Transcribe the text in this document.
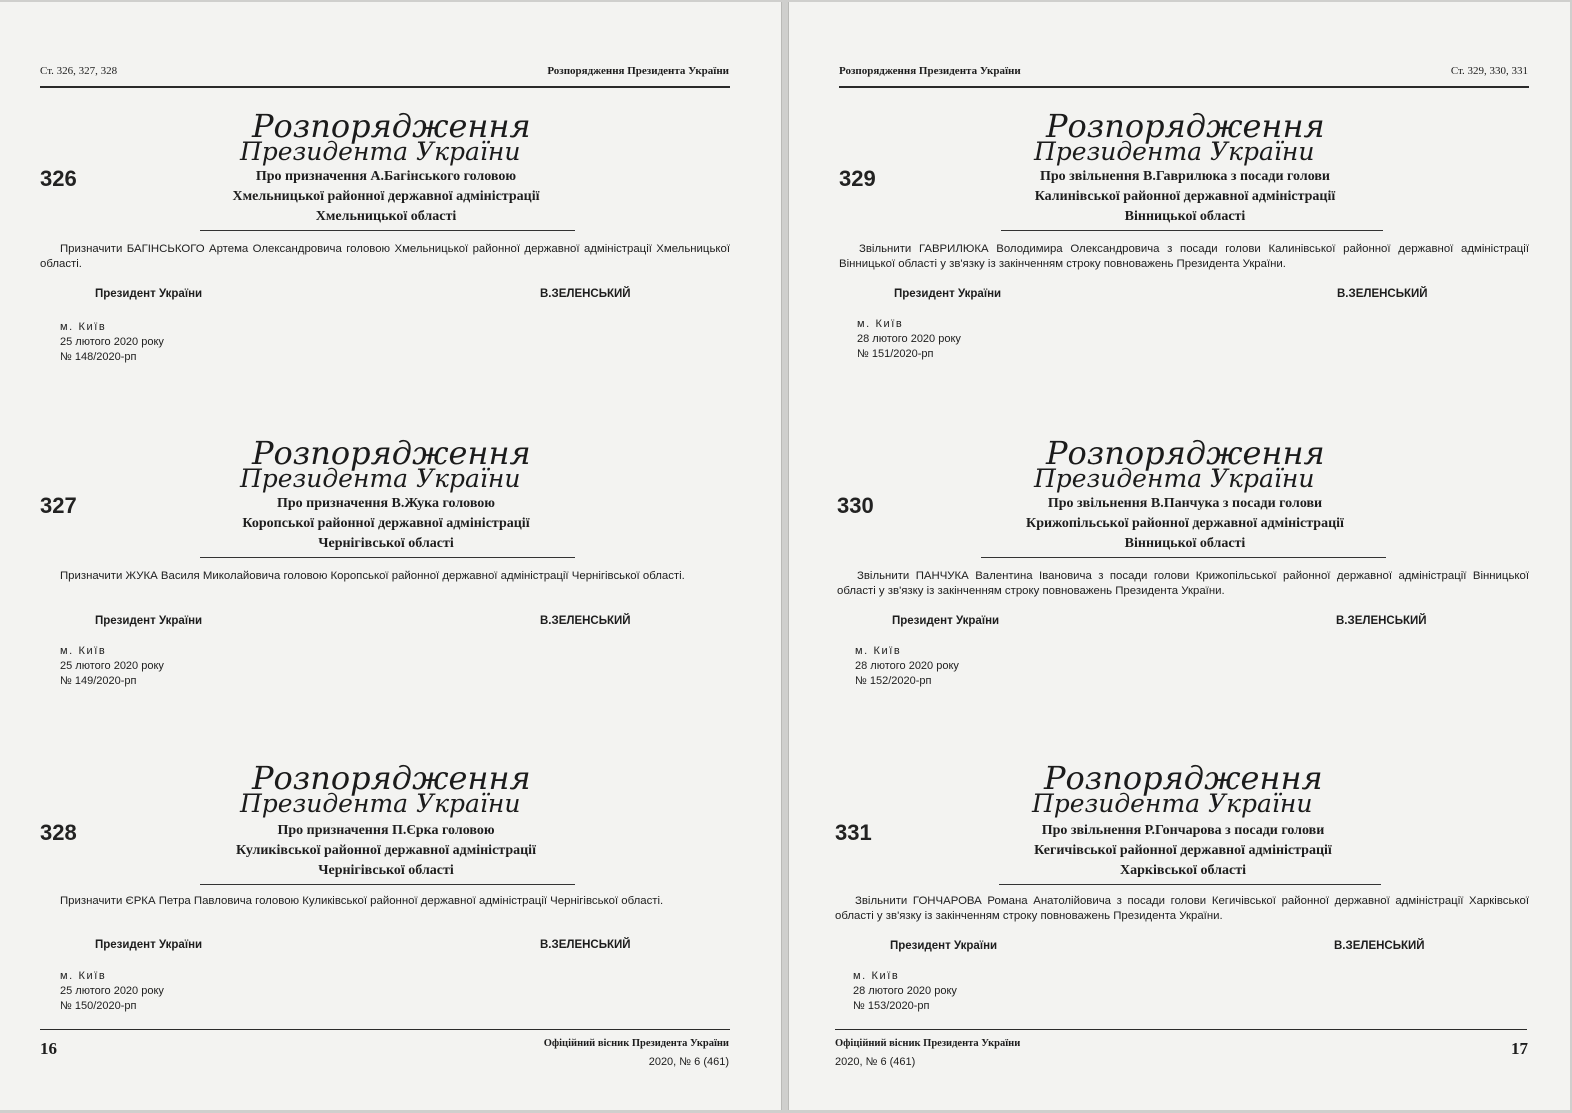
Ст. 326, 327, 328	Розпорядження Президента України
Розпорядження
Президента України
326	Про призначення А.Багінського головою
Хмельницької районної державної адміністрації
Хмельницької області
Призначити БАГІНСЬКОГО Артема Олександровича головою Хмельницької районної державної адміністрації Хмельницької області.
Президент України	В.ЗЕЛЕНСЬКИЙ
м. Київ
25 лютого 2020 року
№ 148/2020-рп
Розпорядження
Президента України
327	Про призначення В.Жука головою
Коропської районної державної адміністрації
Чернігівської області
Призначити ЖУКА Василя Миколайовича головою Коропської районної державної адміністрації Чернігівської області.
Президент України	В.ЗЕЛЕНСЬКИЙ
м. Київ
25 лютого 2020 року
№ 149/2020-рп
Розпорядження
Президента України
328	Про призначення П.Єрка головою
Куликівської районної державної адміністрації
Чернігівської області
Призначити ЄРКА Петра Павловича головою Куликівської районної державної адміністрації Чернігівської області.
Президент України	В.ЗЕЛЕНСЬКИЙ
м. Київ
25 лютого 2020 року
№ 150/2020-рп
16	Офіційний вісник Президента України
2020, № 6 (461)
Розпорядження Президента України	Ст. 329, 330, 331
Розпорядження
Президента України
329	Про звільнення В.Гаврилюка з посади голови
Калинівської районної державної адміністрації
Вінницької області
Звільнити ГАВРИЛЮКА Володимира Олександровича з посади голови Калинівської районної державної адміністрації Вінницької області у зв'язку із закінченням строку повноважень Президента України.
Президент України	В.ЗЕЛЕНСЬКИЙ
м. Київ
28 лютого 2020 року
№ 151/2020-рп
Розпорядження
Президента України
330	Про звільнення В.Панчука з посади голови
Крижопільської районної державної адміністрації
Вінницької області
Звільнити ПАНЧУКА Валентина Івановича з посади голови Крижопільської районної державної адміністрації Вінницької області у зв'язку із закінченням строку повноважень Президента України.
Президент України	В.ЗЕЛЕНСЬКИЙ
м. Київ
28 лютого 2020 року
№ 152/2020-рп
Розпорядження
Президента України
331	Про звільнення Р.Гончарова з посади голови
Кегичівської районної державної адміністрації
Харківської області
Звільнити ГОНЧАРОВА Романа Анатолійовича з посади голови Кегичівської районної державної адміністрації Харківської області у зв'язку із закінченням строку повноважень Президента України.
Президент України	В.ЗЕЛЕНСЬКИЙ
м. Київ
28 лютого 2020 року
№ 153/2020-рп
Офіційний вісник Президента України
2020, № 6 (461)
17
